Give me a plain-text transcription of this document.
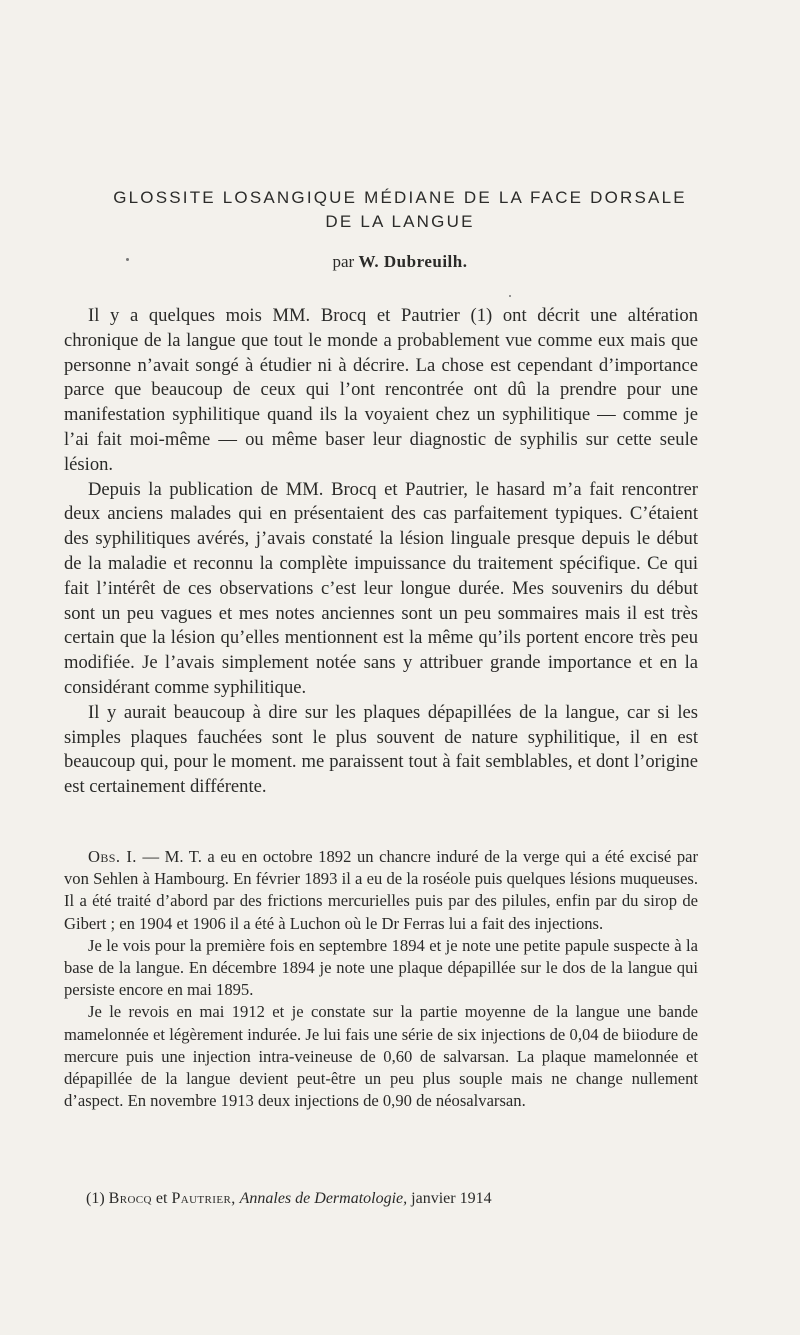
GLOSSITE LOSANGIQUE MÉDIANE DE LA FACE DORSALE
DE LA LANGUE
par W. Dubreuilh.

Il y a quelques mois MM. Brocq et Pautrier (1) ont décrit une altération chronique de la langue que tout le monde a probablement vue comme eux mais que personne n’avait songé à étudier ni à décrire. La chose est cependant d’importance parce que beaucoup de ceux qui l’ont rencontrée ont dû la prendre pour une manifestation syphilitique quand ils la voyaient chez un syphilitique — comme je l’ai fait moi-même — ou même baser leur diagnostic de syphilis sur cette seule lésion.

Depuis la publication de MM. Brocq et Pautrier, le hasard m’a fait rencontrer deux anciens malades qui en présentaient des cas parfaitement typiques. C’étaient des syphilitiques avérés, j’avais constaté la lésion linguale presque depuis le début de la maladie et reconnu la complète impuissance du traitement spécifique. Ce qui fait l’intérêt de ces observations c’est leur longue durée. Mes souvenirs du début sont un peu vagues et mes notes anciennes sont un peu sommaires mais il est très certain que la lésion qu’elles mentionnent est la même qu’ils portent encore très peu modifiée. Je l’avais simplement notée sans y attribuer grande importance et en la considérant comme syphilitique.

Il y aurait beaucoup à dire sur les plaques dépapillées de la langue, car si les simples plaques fauchées sont le plus souvent de nature syphilitique, il en est beaucoup qui, pour le moment. me paraissent tout à fait semblables, et dont l’origine est certainement différente.

Obs. I. — M. T. a eu en octobre 1892 un chancre induré de la verge qui a été excisé par von Sehlen à Hambourg. En février 1893 il a eu de la roséole puis quelques lésions muqueuses. Il a été traité d’abord par des frictions mercurielles puis par des pilules, enfin par du sirop de Gibert ; en 1904 et 1906 il a été à Luchon où le Dr Ferras lui a fait des injections.

Je le vois pour la première fois en septembre 1894 et je note une petite papule suspecte à la base de la langue. En décembre 1894 je note une plaque dépapillée sur le dos de la langue qui persiste encore en mai 1895.

Je le revois en mai 1912 et je constate sur la partie moyenne de la langue une bande mamelonnée et légèrement indurée. Je lui fais une série de six injections de 0,04 de biiodure de mercure puis une injection intra-veineuse de 0,60 de salvarsan. La plaque mamelonnée et dépapillée de la langue devient peut-être un peu plus souple mais ne change nullement d’aspect. En novembre 1913 deux injections de 0,90 de néosalvarsan.

(1) Brocq et Pautrier, Annales de Dermatologie, janvier 1914
